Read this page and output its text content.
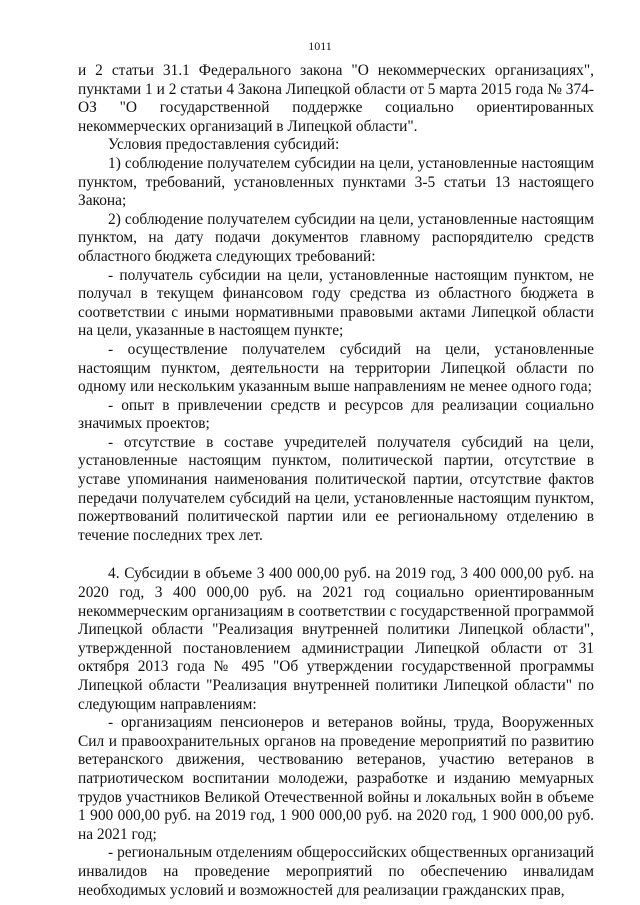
1011

и 2 статьи 31.1 Федерального закона "О некоммерческих организациях", пунктами 1 и 2 статьи 4 Закона Липецкой области от 5 марта 2015 года № 374-ОЗ "О государственной поддержке социально ориентированных некоммерческих организаций в Липецкой области".

Условия предоставления субсидий:

1) соблюдение получателем субсидии на цели, установленные настоящим пунктом, требований, установленных пунктами 3-5 статьи 13 настоящего Закона;

2) соблюдение получателем субсидии на цели, установленные настоящим пунктом, на дату подачи документов главному распорядителю средств областного бюджета следующих требований:

- получатель субсидии на цели, установленные настоящим пунктом, не получал в текущем финансовом году средства из областного бюджета в соответствии с иными нормативными правовыми актами Липецкой области на цели, указанные в настоящем пункте;

- осуществление получателем субсидий на цели, установленные настоящим пунктом, деятельности на территории Липецкой области по одному или нескольким указанным выше направлениям не менее одного года;

- опыт в привлечении средств и ресурсов для реализации социально значимых проектов;

- отсутствие в составе учредителей получателя субсидий на цели, установленные настоящим пунктом, политической партии, отсутствие в уставе упоминания наименования политической партии, отсутствие фактов передачи получателем субсидий на цели, установленные настоящим пунктом, пожертвований политической партии или ее региональному отделению в течение последних трех лет.

4. Субсидии в объеме 3 400 000,00 руб. на 2019 год, 3 400 000,00 руб. на 2020 год, 3 400 000,00 руб. на 2021 год социально ориентированным некоммерческим организациям в соответствии с государственной программой Липецкой области "Реализация внутренней политики Липецкой области", утвержденной постановлением администрации Липецкой области от 31 октября 2013 года № 495 "Об утверждении государственной программы Липецкой области "Реализация внутренней политики Липецкой области" по следующим направлениям:

- организациям пенсионеров и ветеранов войны, труда, Вооруженных Сил и правоохранительных органов на проведение мероприятий по развитию ветеранского движения, чествованию ветеранов, участию ветеранов в патриотическом воспитании молодежи, разработке и изданию мемуарных трудов участников Великой Отечественной войны и локальных войн в объеме 1 900 000,00 руб. на 2019 год, 1 900 000,00 руб. на 2020 год, 1 900 000,00 руб. на 2021 год;

- региональным отделениям общероссийских общественных организаций инвалидов на проведение мероприятий по обеспечению инвалидам необходимых условий и возможностей для реализации гражданских прав,
